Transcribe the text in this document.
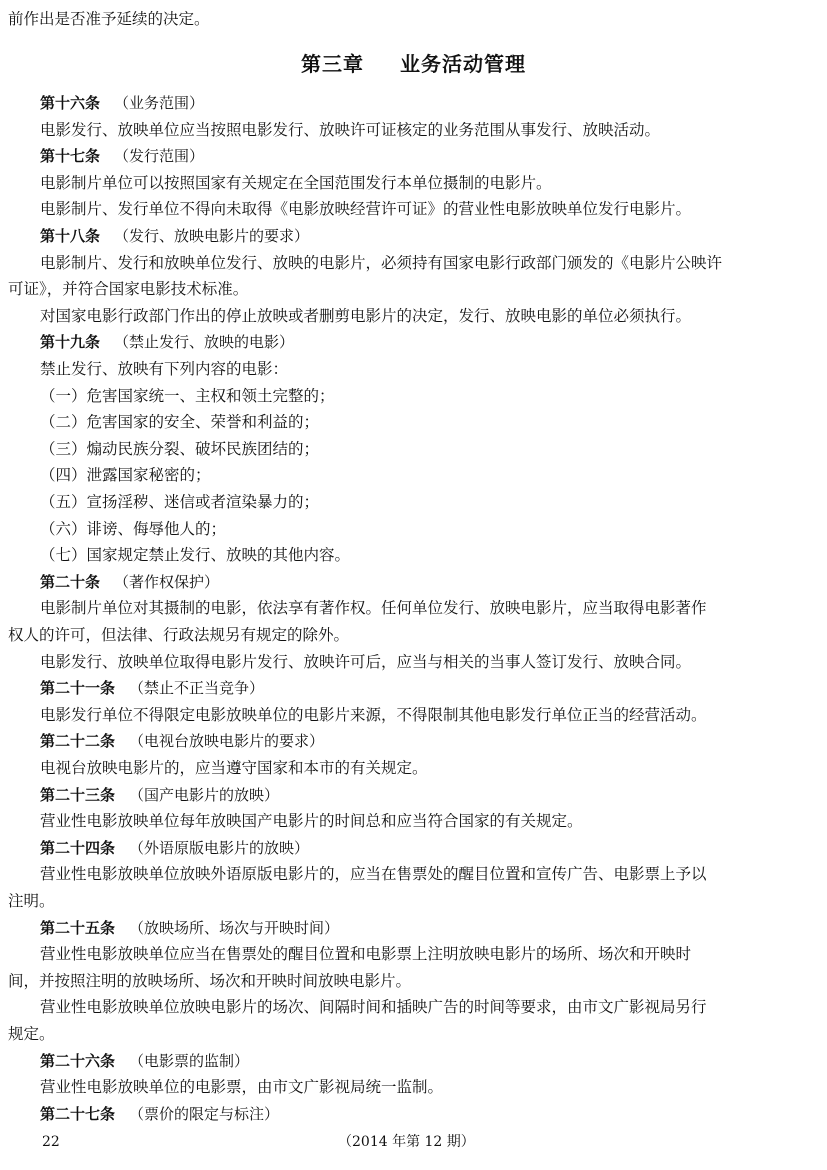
前作出是否准予延续的决定。
第三章 业务活动管理
第十六条 （业务范围）
电影发行、放映单位应当按照电影发行、放映许可证核定的业务范围从事发行、放映活动。
第十七条 （发行范围）
电影制片单位可以按照国家有关规定在全国范围发行本单位摄制的电影片。
电影制片、发行单位不得向未取得《电影放映经营许可证》的营业性电影放映单位发行电影片。
第十八条 （发行、放映电影片的要求）
电影制片、发行和放映单位发行、放映的电影片，必须持有国家电影行政部门颁发的《电影片公映许
可证》，并符合国家电影技术标准。
对国家电影行政部门作出的停止放映或者删剪电影片的决定，发行、放映电影的单位必须执行。
第十九条 （禁止发行、放映的电影）
禁止发行、放映有下列内容的电影：
（一）危害国家统一、主权和领土完整的；
（二）危害国家的安全、荣誉和利益的；
（三）煽动民族分裂、破坏民族团结的；
（四）泄露国家秘密的；
（五）宣扬淫秽、迷信或者渲染暴力的；
（六）诽谤、侮辱他人的；
（七）国家规定禁止发行、放映的其他内容。
第二十条 （著作权保护）
电影制片单位对其摄制的电影，依法享有著作权。任何单位发行、放映电影片，应当取得电影著作
权人的许可，但法律、行政法规另有规定的除外。
电影发行、放映单位取得电影片发行、放映许可后，应当与相关的当事人签订发行、放映合同。
第二十一条 （禁止不正当竞争）
电影发行单位不得限定电影放映单位的电影片来源，不得限制其他电影发行单位正当的经营活动。
第二十二条 （电视台放映电影片的要求）
电视台放映电影片的，应当遵守国家和本市的有关规定。
第二十三条 （国产电影片的放映）
营业性电影放映单位每年放映国产电影片的时间总和应当符合国家的有关规定。
第二十四条 （外语原版电影片的放映）
营业性电影放映单位放映外语原版电影片的，应当在售票处的醒目位置和宣传广告、电影票上予以
注明。
第二十五条 （放映场所、场次与开映时间）
营业性电影放映单位应当在售票处的醒目位置和电影票上注明放映电影片的场所、场次和开映时
间，并按照注明的放映场所、场次和开映时间放映电影片。
营业性电影放映单位放映电影片的场次、间隔时间和插映广告的时间等要求，由市文广影视局另行
规定。
第二十六条 （电影票的监制）
营业性电影放映单位的电影票，由市文广影视局统一监制。
第二十七条 （票价的限定与标注）
22	（2014 年第 12 期）
